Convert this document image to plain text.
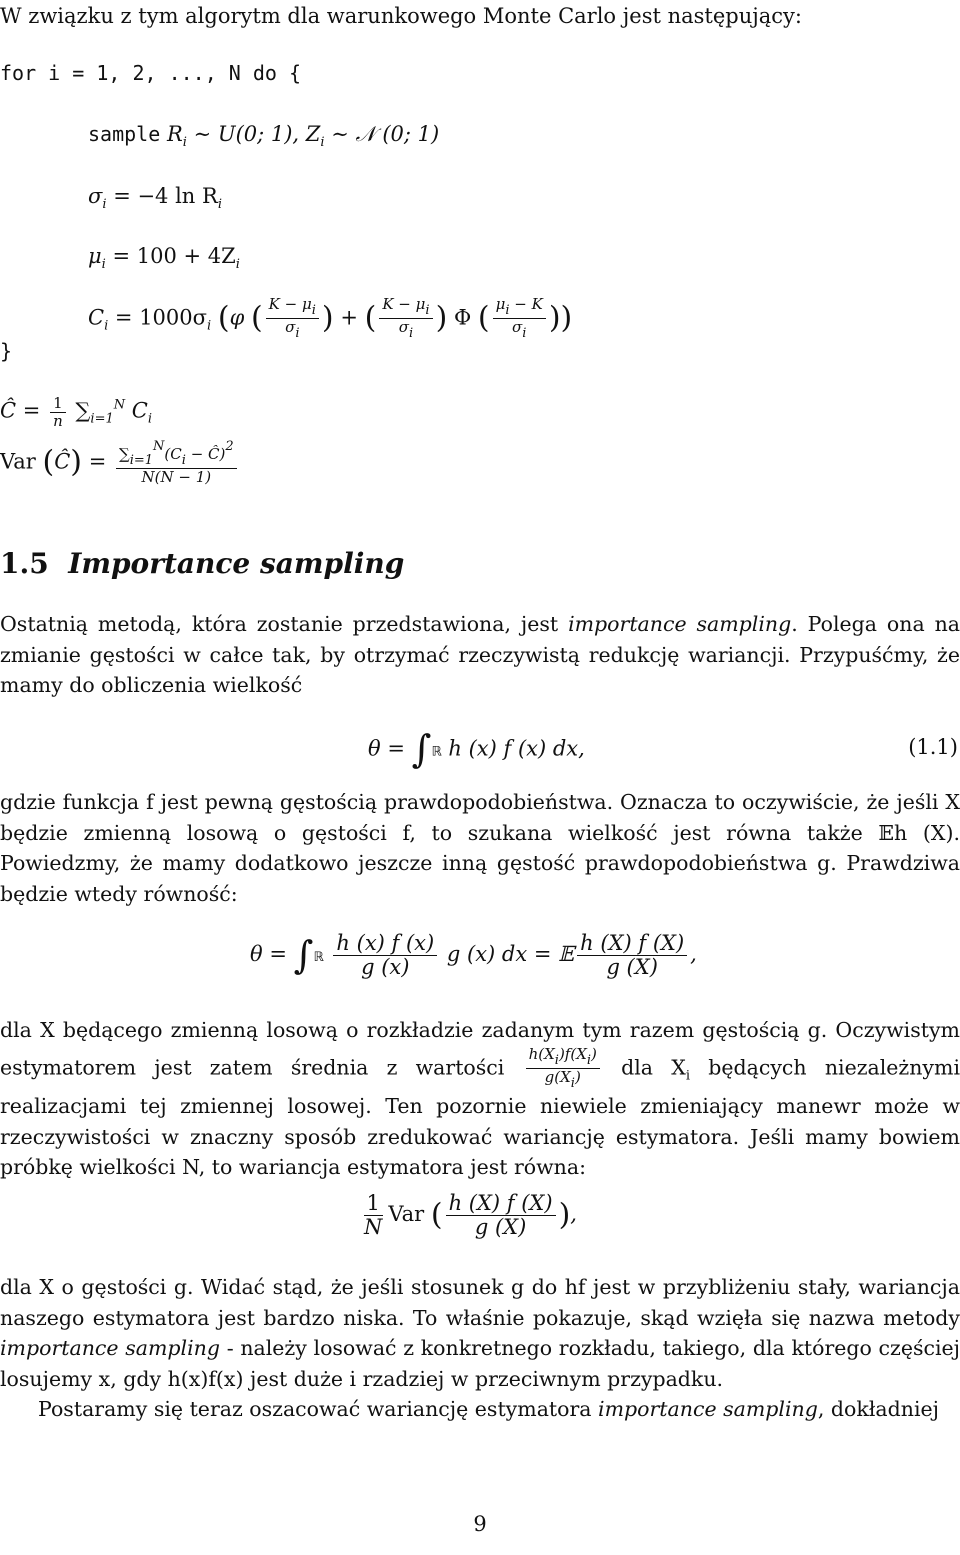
W związku z tym algorytm dla warunkowego Monte Carlo jest następujący:
for i = 1, 2, ..., N do {
sample $R_i$ ∼ U(0; 1), $Z_i$ ∼ 𝒩 (0; 1)
$\sigma_i = -4$ $\ln R_i$
$\mu_i = 100 + 4Z_i$
$C_i = 1000\sigma_i$ (φ ( $\frac{K - \mu i}{\sigma i}$ ) + ( $\frac{K - \mu i}{\sigma i}$ ) Φ ( $\frac{\mu i - K}{\sigma i}$ ))
}
Ĉ = $\frac{1}{n} \sum_{i=1}^N$ $C_i$
Var (Ĉ) = $\frac{\sum i=1N(Ci - Ĉ)2}{N(N - 1)}$
1.5 Importance sampling

Ostatnią metodą, która zostanie przedstawiona, jest importance sampling. Polega ona na zmianie gęstości w całce tak, by otrzymać rzeczywistą redukcję wariancji. Przypuśćmy, że mamy do obliczenia wielkość

θ = ∫ℝ h (x) f (x) dx,	(1.1)

gdzie funkcja f jest pewną gęstością prawdopodobieństwa. Oznacza to oczywiście, że jeśli X będzie zmienną losową o gęstości f, to szukana wielkość jest równa także 𝔼h (X). Powiedzmy, że mamy dodatkowo jeszcze inną gęstość prawdopodobieństwa g. Prawdziwa będzie wtedy równość:

θ = ∫ℝ $\frac{h (x) f (x)}{g (x)}$ g (x) dx = 𝔼 $\frac{h (X) f (X)}{g (X)}$ ,

dla X będącego zmienną losową o rozkładzie zadanym tym razem gęstością g. Oczywistym estymatorem jest zatem średnia z wartości $\frac{h(Xi)f(Xi)}{g(Xi)}$ dla $X_i$ będących niezależnymi realizacjami tej zmiennej losowej. Ten pozornie niewiele zmieniający manewr może w rzeczywistości w znaczny sposób zredukować wariancję estymatora. Jeśli mamy bowiem próbkę wielkości N, to wariancja estymatora jest równa:

$\frac{1}{N}$ Var ( $\frac{h (X) f (X)}{g (X)}$ ),

dla X o gęstości g. Widać stąd, że jeśli stosunek g do hf jest w przybliżeniu stały, wariancja naszego estymatora jest bardzo niska. To właśnie pokazuje, skąd wzięła się nazwa metody importance sampling - należy losować z konkretnego rozkładu, takiego, dla którego częściej losujemy x, gdy h(x)f(x) jest duże i rzadziej w przeciwnym przypadku.

Postaramy się teraz oszacować wariancję estymatora importance sampling, dokładniej

9
